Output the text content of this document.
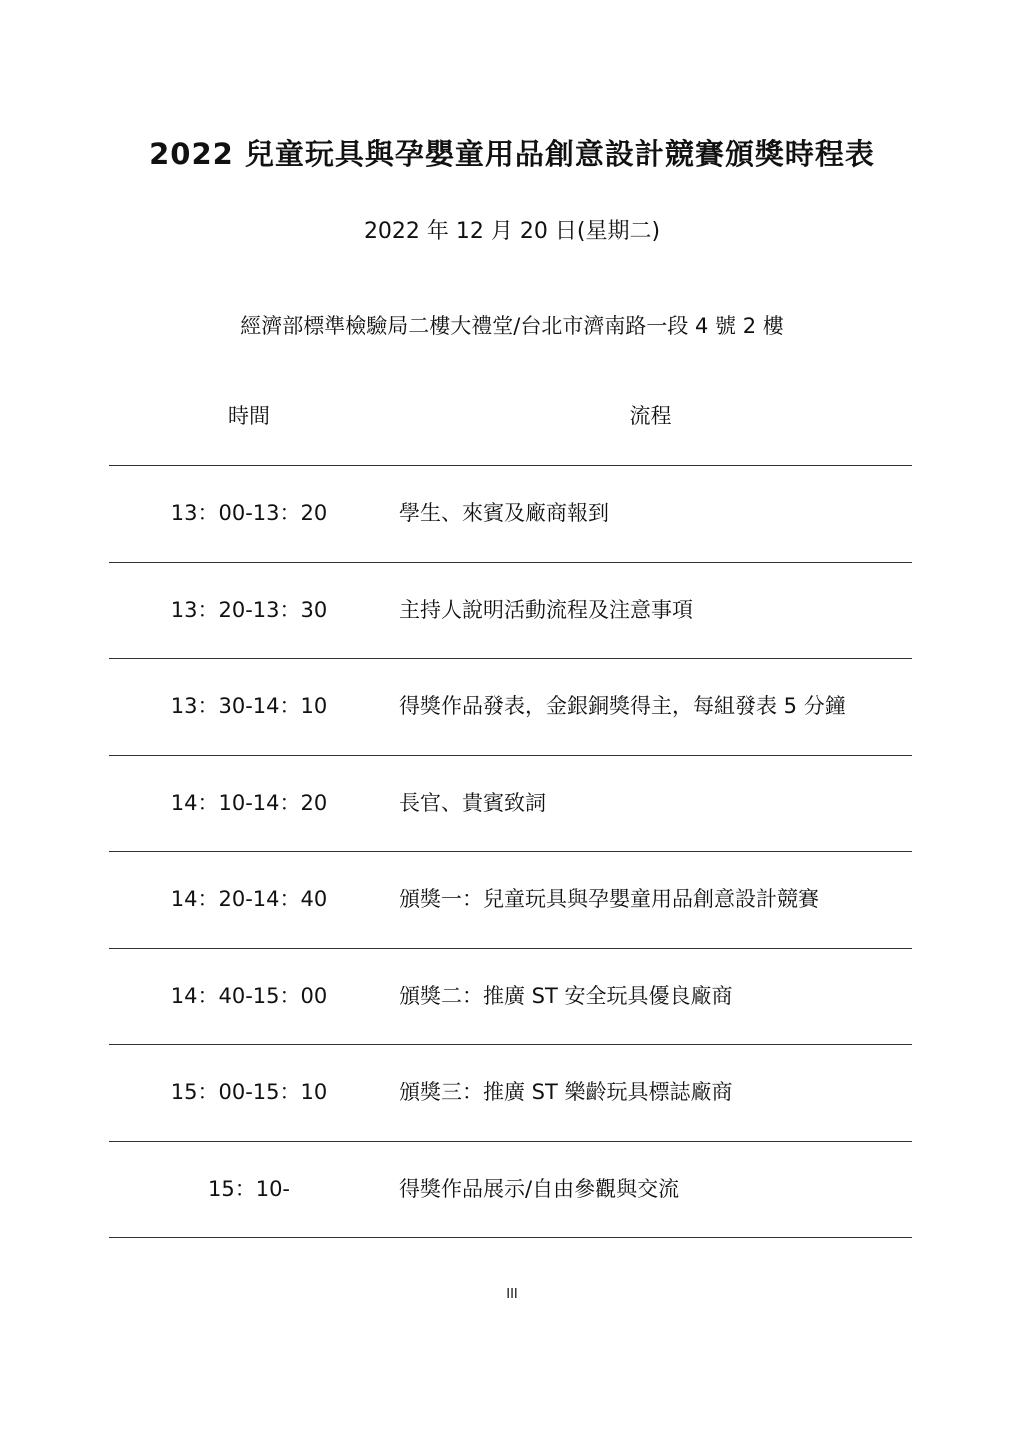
2022 兒童玩具與孕嬰童用品創意設計競賽頒獎時程表
2022 年 12 月 20 日(星期二)
經濟部標準檢驗局二樓大禮堂/台北市濟南路一段 4 號 2 樓
時間	流程
13：00-13：20	學生、來賓及廠商報到
13：20-13：30	主持人說明活動流程及注意事項
13：30-14：10	得獎作品發表，金銀銅獎得主，每組發表 5 分鐘
14：10-14：20	長官、貴賓致詞
14：20-14：40	頒獎一：兒童玩具與孕嬰童用品創意設計競賽
14：40-15：00	頒獎二：推廣 ST 安全玩具優良廠商
15：00-15：10	頒獎三：推廣 ST 樂齡玩具標誌廠商
15：10-	得獎作品展示/自由參觀與交流
III
